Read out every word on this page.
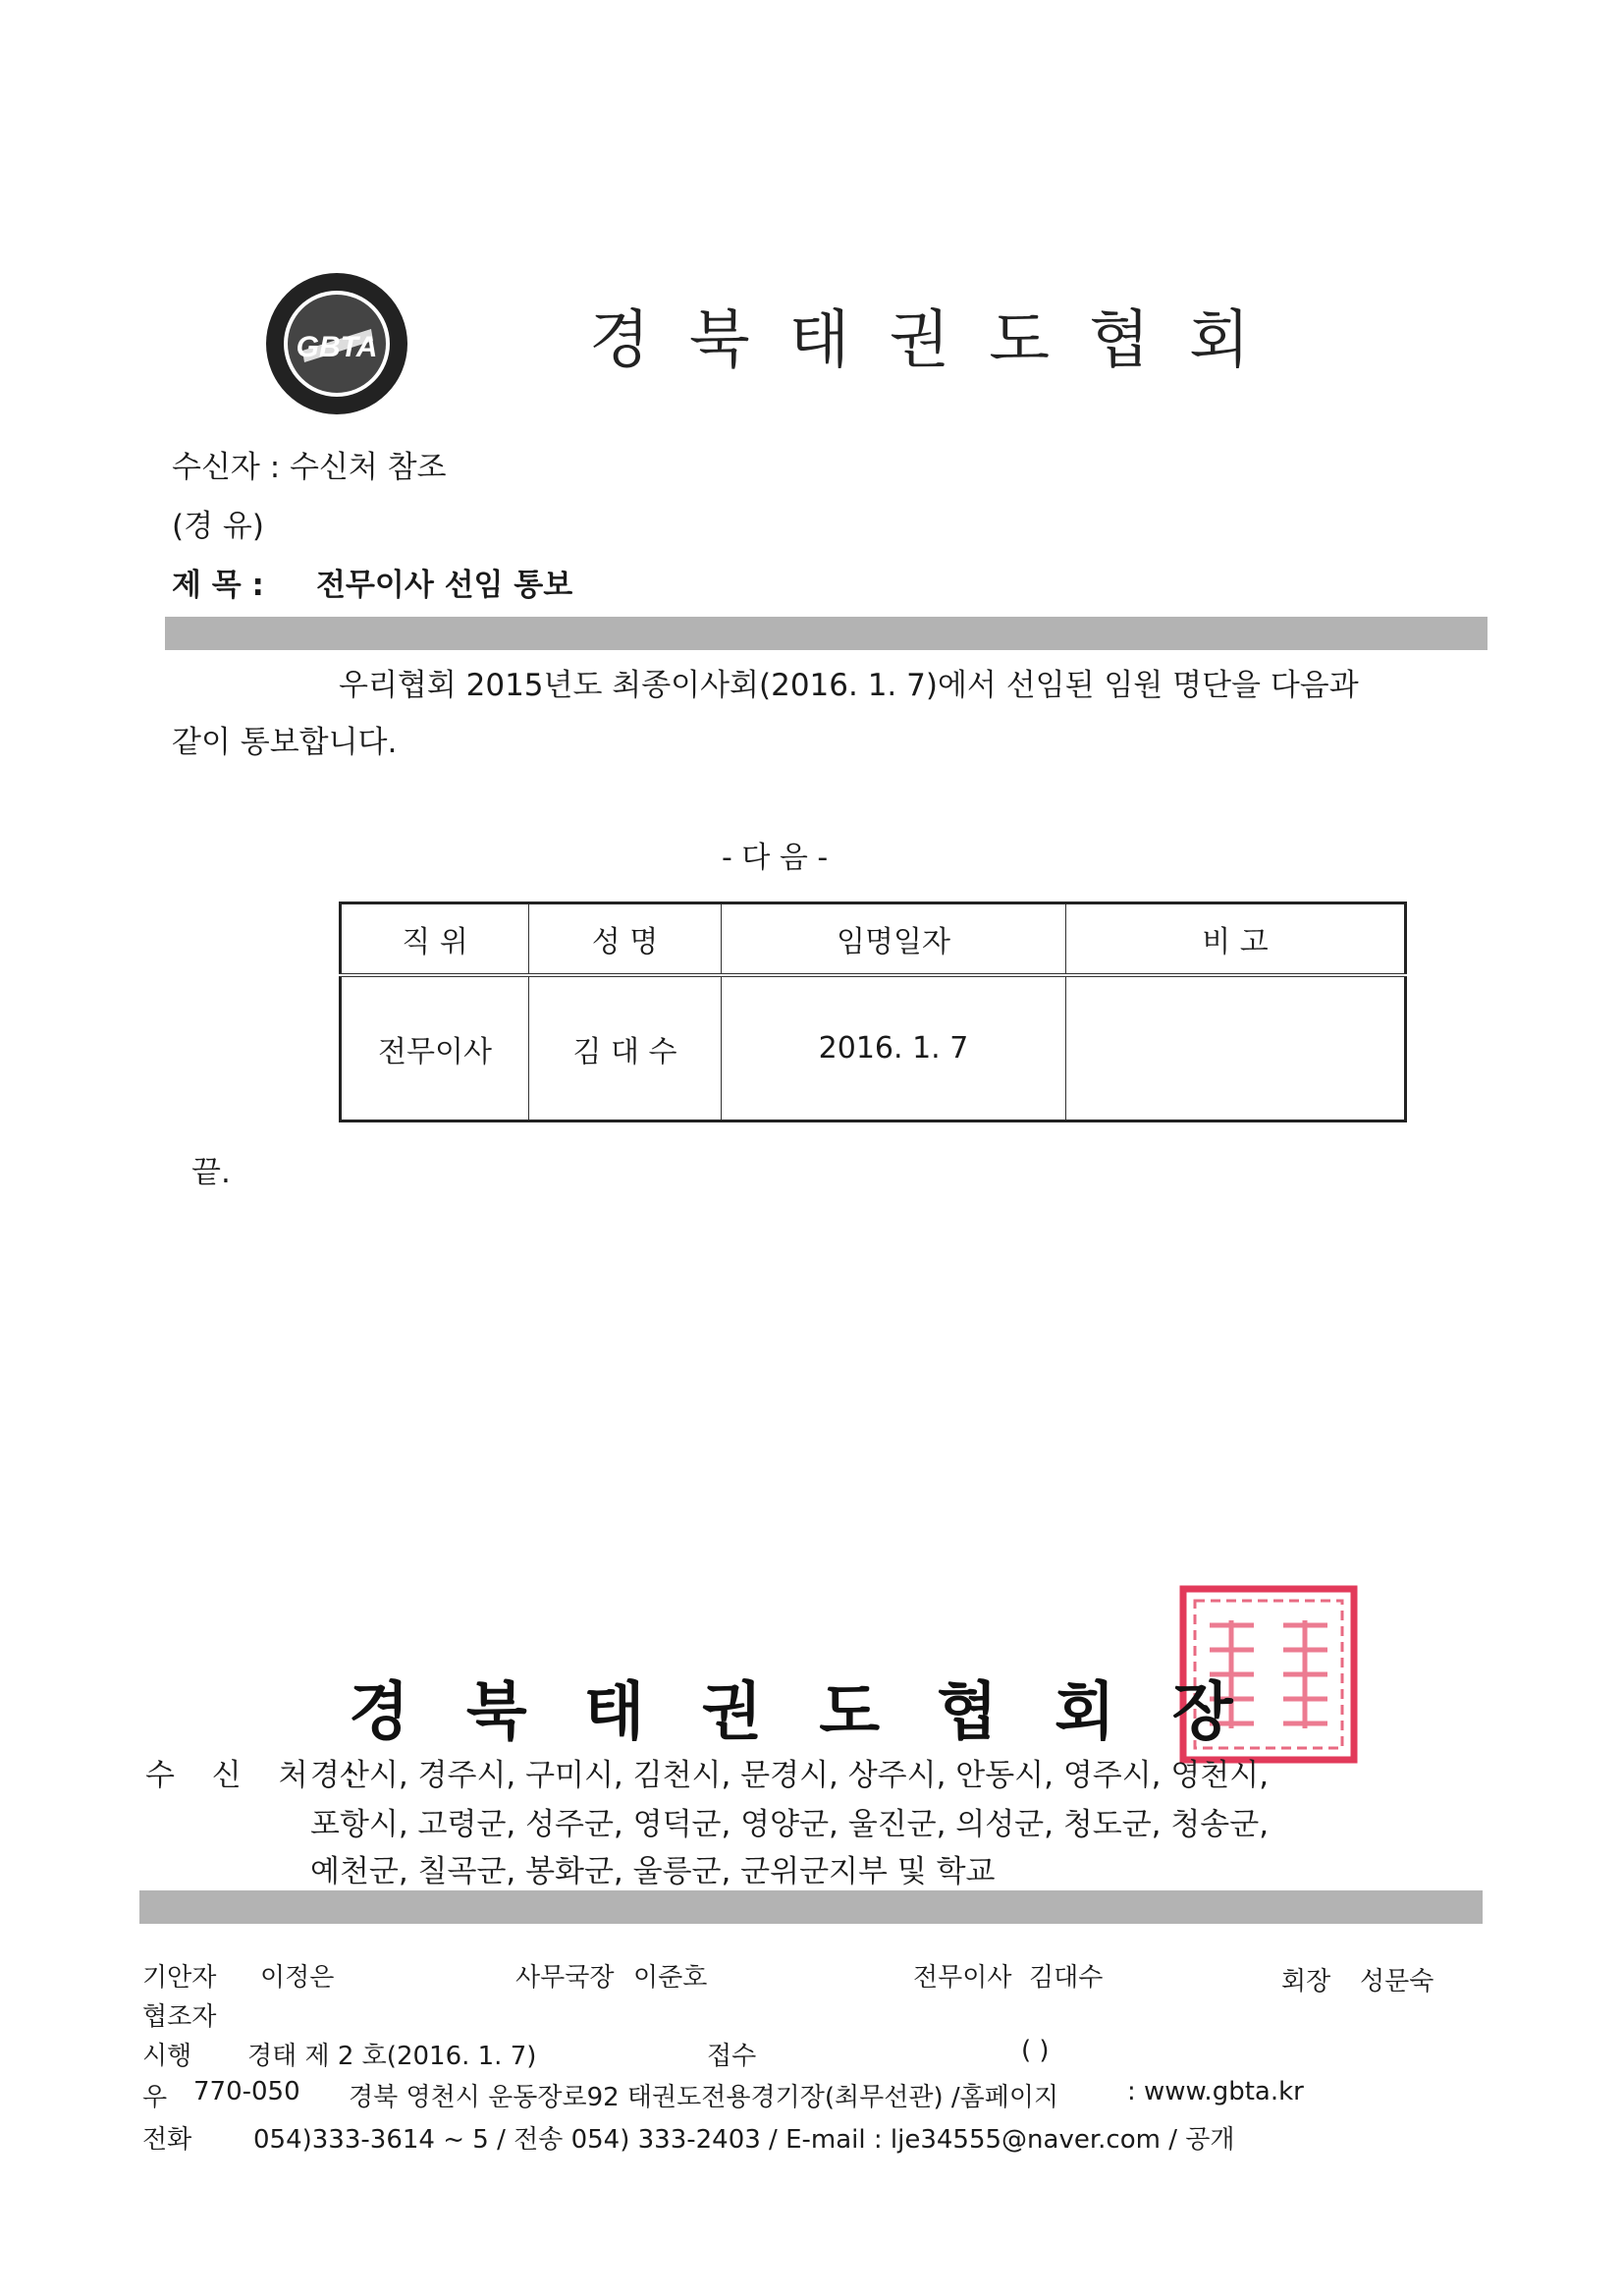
GBTA	경북태권도협회
수신자 : 수신처 참조
(경 유)
제 목 : 전무이사 선임 통보
우리협회 2015년도 최종이사회(2016. 1. 7)에서 선임된 임원 명단을 다음과
같이 통보합니다.
- 다 음 -
직 위	성 명	임명일자	비 고
전무이사	김 대 수	2016. 1. 7	
끝.
경북태권도협회장
수 신 처 :
경산시, 경주시, 구미시, 김천시, 문경시, 상주시, 안동시, 영주시, 영천시,
포항시, 고령군, 성주군, 영덕군, 영양군, 울진군, 의성군, 청도군, 청송군,
예천군, 칠곡군, 봉화군, 울릉군, 군위군지부 및 학교
기안자 이정은	사무국장 이준호	전무이사 김대수	회장 성문숙
협조자
시행 경태 제 2 호(2016. 1. 7)	접수	( )
우 770-050 경북 영천시 운동장로92 태권도전용경기장(최무선관) /홈페이지	: www.gbta.kr
전화 054)333-3614 ~ 5 / 전송 054) 333-2403 / E-mail : lje34555@naver.com / 공개
